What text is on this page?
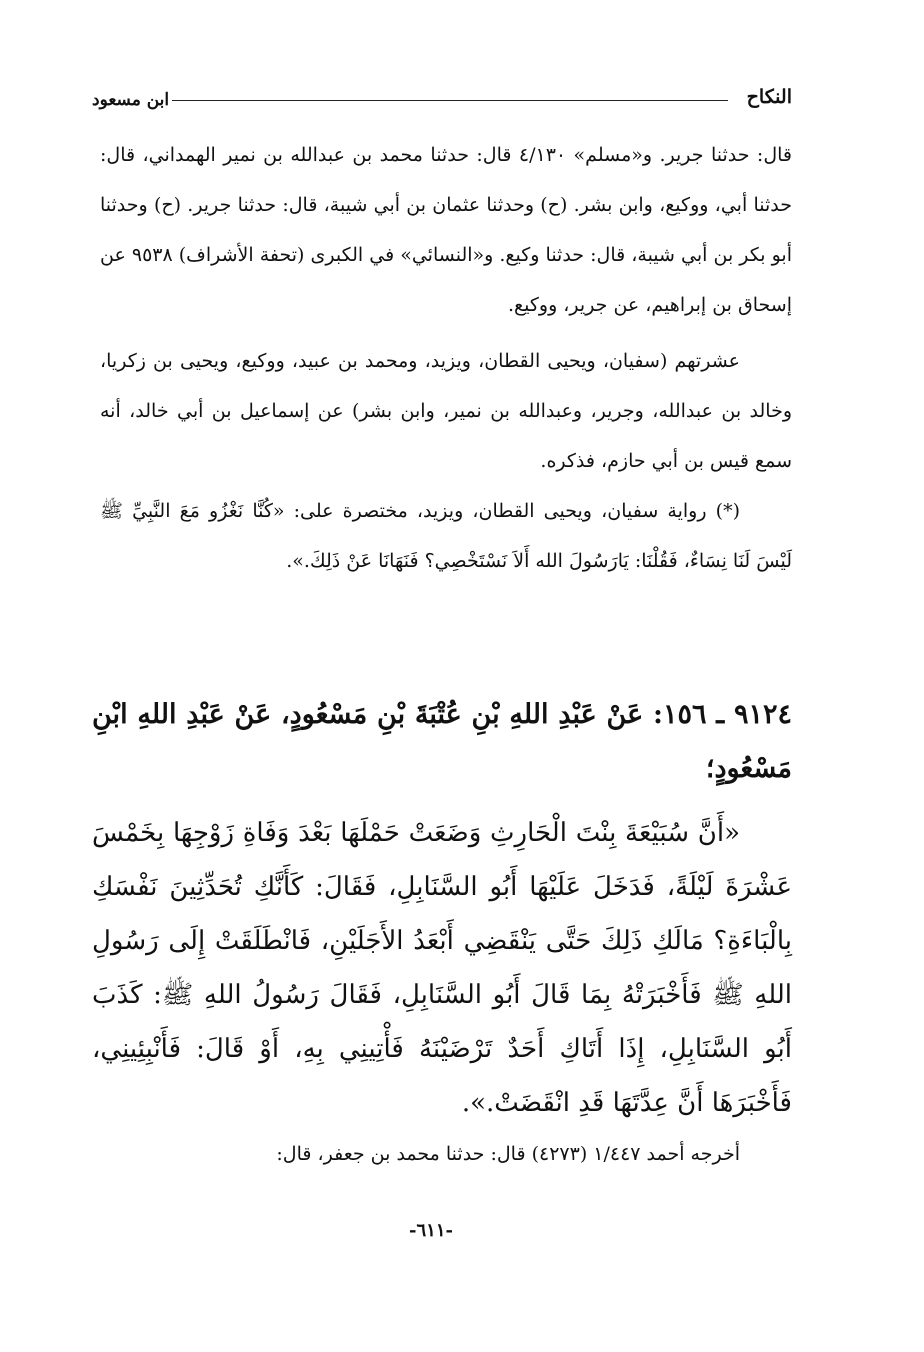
النكاح
ابن مسعود

قال: حدثنا جرير. و«مسلم» ٤/١٣٠ قال: حدثنا محمد بن عبدالله بن نمير الهمداني، قال: حدثنا أبي، ووكيع، وابن بشر. (ح) وحدثنا عثمان بن أبي شيبة، قال: حدثنا جرير. (ح) وحدثنا أبو بكر بن أبي شيبة، قال: حدثنا وكيع. و«النسائي» في الكبرى (تحفة الأشراف) ٩٥٣٨ عن إسحاق بن إبراهيم، عن جرير، ووكيع.

عشرتهم (سفيان، ويحيى القطان، ويزيد، ومحمد بن عبيد، ووكيع، ويحيى بن زكريا، وخالد بن عبدالله، وجرير، وعبدالله بن نمير، وابن بشر) عن إسماعيل بن أبي خالد، أنه سمع قيس بن أبي حازم، فذكره.

(*) رواية سفيان، ويحيى القطان، ويزيد، مختصرة على: «كُنَّا نَغْزُو مَعَ النَّبِيِّ ﷺ لَيْسَ لَنَا نِسَاءٌ، فَقُلْنَا: يَارَسُولَ الله أَلاَ نَسْتَخْصِي؟ فَنَهَانَا عَنْ ذَلِكَ.».

٩١٢٤ ـ ١٥٦: عَنْ عَبْدِ اللهِ بْنِ عُتْبَةَ بْنِ مَسْعُودٍ، عَنْ عَبْدِ اللهِ ابْنِ مَسْعُودٍ؛

«أَنَّ سُبَيْعَةَ بِنْتَ الْحَارِثِ وَضَعَتْ حَمْلَهَا بَعْدَ وَفَاةِ زَوْجِهَا بِخَمْسَ عَشْرَةَ لَيْلَةً، فَدَخَلَ عَلَيْهَا أَبُو السَّنَابِلِ، فَقَالَ: كَأَنَّكِ تُحَدِّثِينَ نَفْسَكِ بِالْبَاءَةِ؟ مَالَكِ ذَلِكَ حَتَّى يَنْقَضِي أَبْعَدُ الأَجَلَيْنِ، فَانْطَلَقَتْ إِلَى رَسُولِ اللهِ ﷺ فَأَخْبَرَتْهُ بِمَا قَالَ أَبُو السَّنَابِلِ، فَقَالَ رَسُولُ اللهِ ﷺ: كَذَبَ أَبُو السَّنَابِلِ، إِذَا أَتَاكِ أَحَدٌ تَرْضَيْنَهُ فَأْتِينِي بِهِ، أَوْ قَالَ: فَأَنْبِئِينِي، فَأَخْبَرَهَا أَنَّ عِدَّتَهَا قَدِ انْقَضَتْ.».

أخرجه أحمد ١/٤٤٧ (٤٢٧٣) قال: حدثنا محمد بن جعفر، قال:
-٦١١-
